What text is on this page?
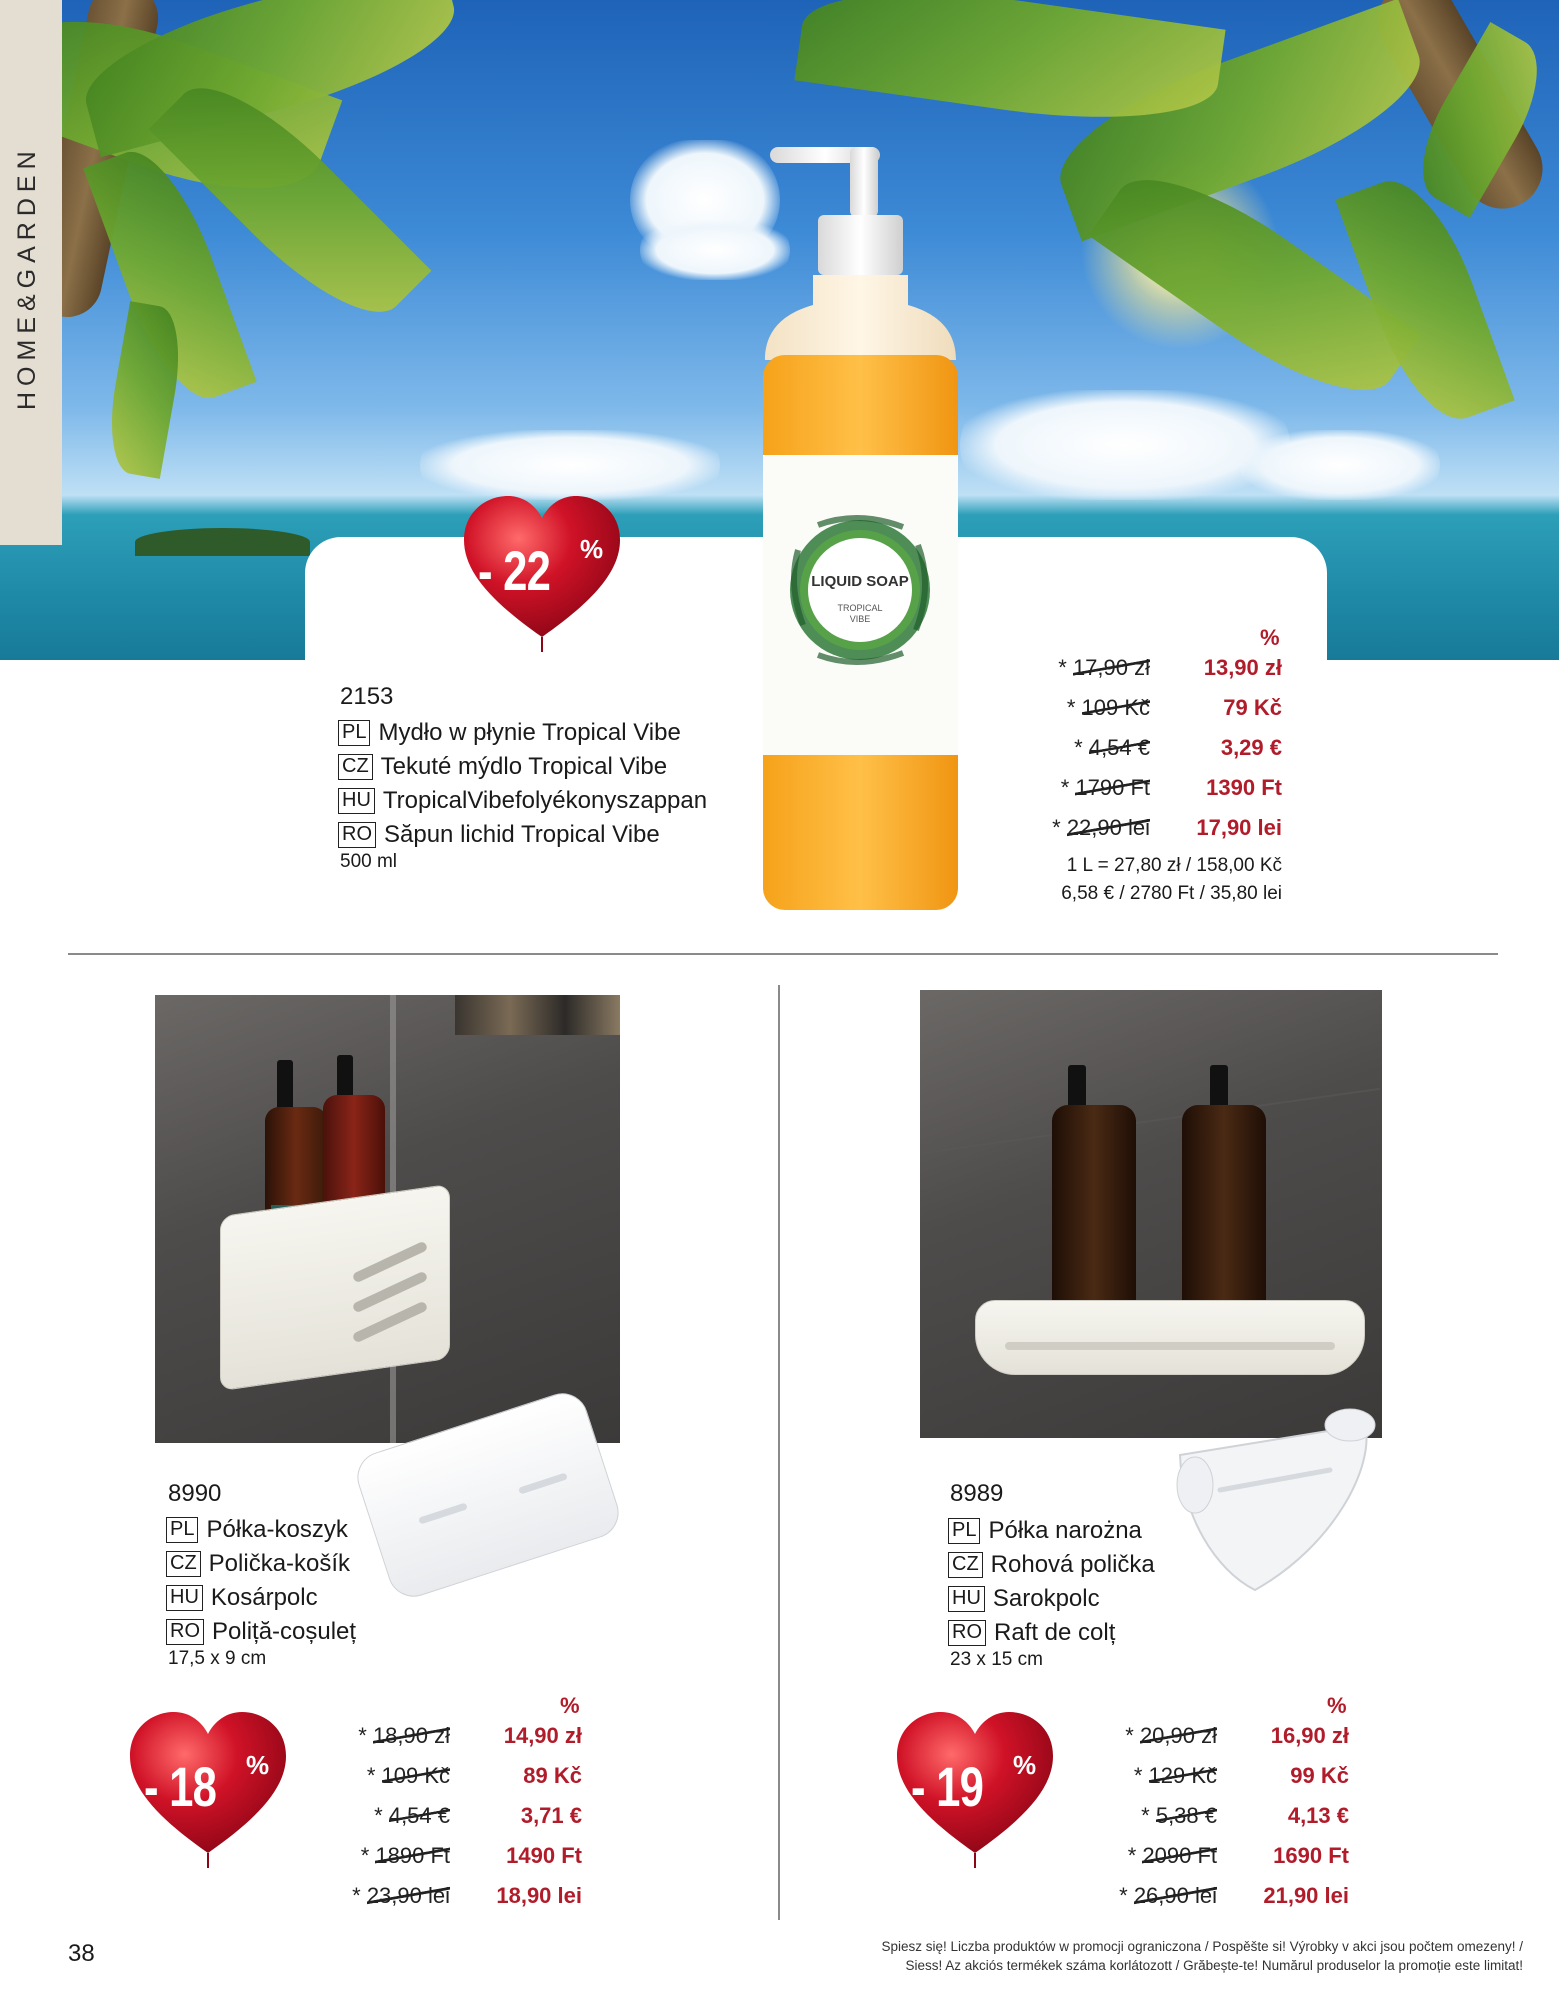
HOME&GARDEN
- 22 %
LIQUID SOAP
TROPICAL
VIBE
2153
PL Mydło w płynie Tropical Vibe
CZ Tekuté mýdlo Tropical Vibe
HU TropicalVibefolyékonyszappan
RO Săpun lichid Tropical Vibe
500 ml
%
* 17,90 zł 13,90 zł
* 109 Kč	79 Kč
* 4,54 €	3,29 €
* 1790 Ft	1390 Ft
* 22,90 lei 17,90 lei
1 L = 27,80 zł / 158,00 Kč
6,58 € / 2780 Ft / 35,80 lei
8990
PL Półka-koszyk
CZ Polička-košík
HU Kosárpolc
RO Poliță-coșuleț
17,5 x 9 cm
- 18 %
%
* 18,90 zł 14,90 zł
* 109 Kč	89 Kč
* 4,54 €	3,71 €
* 1890 Ft	1490 Ft
* 23,90 lei 18,90 lei
8989
PL Półka narożna
CZ Rohová polička
HU Sarokpolc
RO Raft de colț
23 x 15 cm
- 19 %
%
* 20,90 zł 16,90 zł
* 129 Kč	99 Kč
* 5,38 €	4,13 €
* 2090 Ft	1690 Ft
* 26,90 lei 21,90 lei
38	Spiesz się! Liczba produktów w promocji ograniczona / Pospěšte si! Výrobky v akci jsou počtem omezeny! /
Siess! Az akciós termékek száma korlátozott / Grăbește-te! Numărul produselor la promoție este limitat!
